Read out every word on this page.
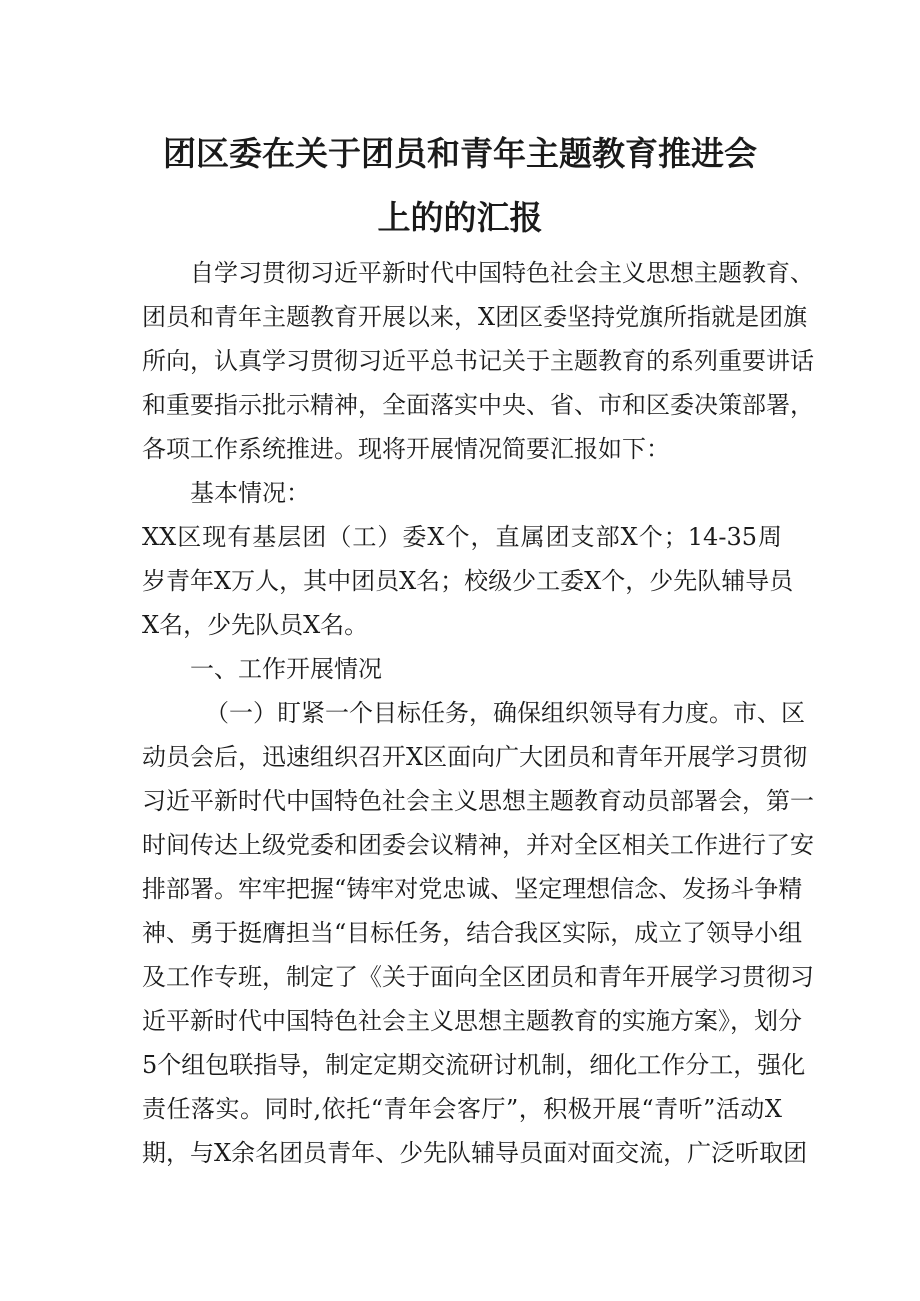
团区委在关于团员和青年主题教育推进会
上的的汇报
自学习贯彻习近平新时代中国特色社会主义思想主题教育、
团员和青年主题教育开展以来，X团区委坚持党旗所指就是团旗
所向，认真学习贯彻习近平总书记关于主题教育的系列重要讲话
和重要指示批示精神，全面落实中央、省、市和区委决策部署，
各项工作系统推进。现将开展情况简要汇报如下：
基本情况：
XX区现有基层团（工）委X个，直属团支部X个；14-35周
岁青年X万人，其中团员X名；校级少工委X个，少先队辅导员
X名，少先队员X名。
一、工作开展情况
（一）盯紧一个目标任务，确保组织领导有力度。市、区
动员会后，迅速组织召开X区面向广大团员和青年开展学习贯彻
习近平新时代中国特色社会主义思想主题教育动员部署会，第一
时间传达上级党委和团委会议精神，并对全区相关工作进行了安
排部署。牢牢把握“铸牢对党忠诚、坚定理想信念、发扬斗争精
神、勇于挺膺担当“目标任务，结合我区实际，成立了领导小组
及工作专班，制定了《关于面向全区团员和青年开展学习贯彻习
近平新时代中国特色社会主义思想主题教育的实施方案》，划分
5个组包联指导，制定定期交流研讨机制，细化工作分工，强化
责任落实。同时,依托“青年会客厅”，积极开展“青听”活动X
期，与X余名团员青年、少先队辅导员面对面交流，广泛听取团
